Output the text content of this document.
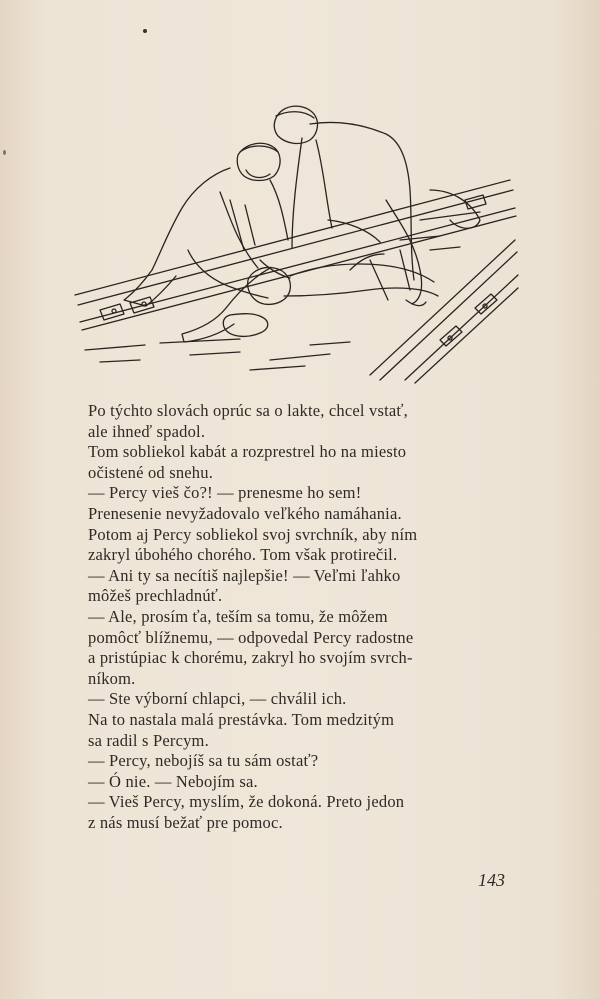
Po týchto slovách oprúc sa o lakte, chcel vstať,
ale ihneď spadol.

Tom sobliekol kabát a rozprestrel ho na miesto
očistené od snehu.

— Percy vieš čo?! — prenesme ho sem!

Prenesenie nevyžadovalo veľkého namáhania.
Potom aj Percy sobliekol svoj svrchník, aby ním
zakryl úbohého chorého. Tom však protirečil.

— Ani ty sa necítiš najlepšie! — Veľmi ľahko
môžeš prechladnúť.

— Ale, prosím ťa, teším sa tomu, že môžem
pomôcť blížnemu, — odpovedal Percy radostne
a pristúpiac k chorému, zakryl ho svojím svrch-
níkom.

— Ste výborní chlapci, — chválil ich.

Na to nastala malá prestávka. Tom medzitým
sa radil s Percym.

— Percy, nebojíš sa tu sám ostať?

— Ó nie. — Nebojím sa.

— Vieš Percy, myslím, že dokoná. Preto jedon
z nás musí bežať pre pomoc.

143
